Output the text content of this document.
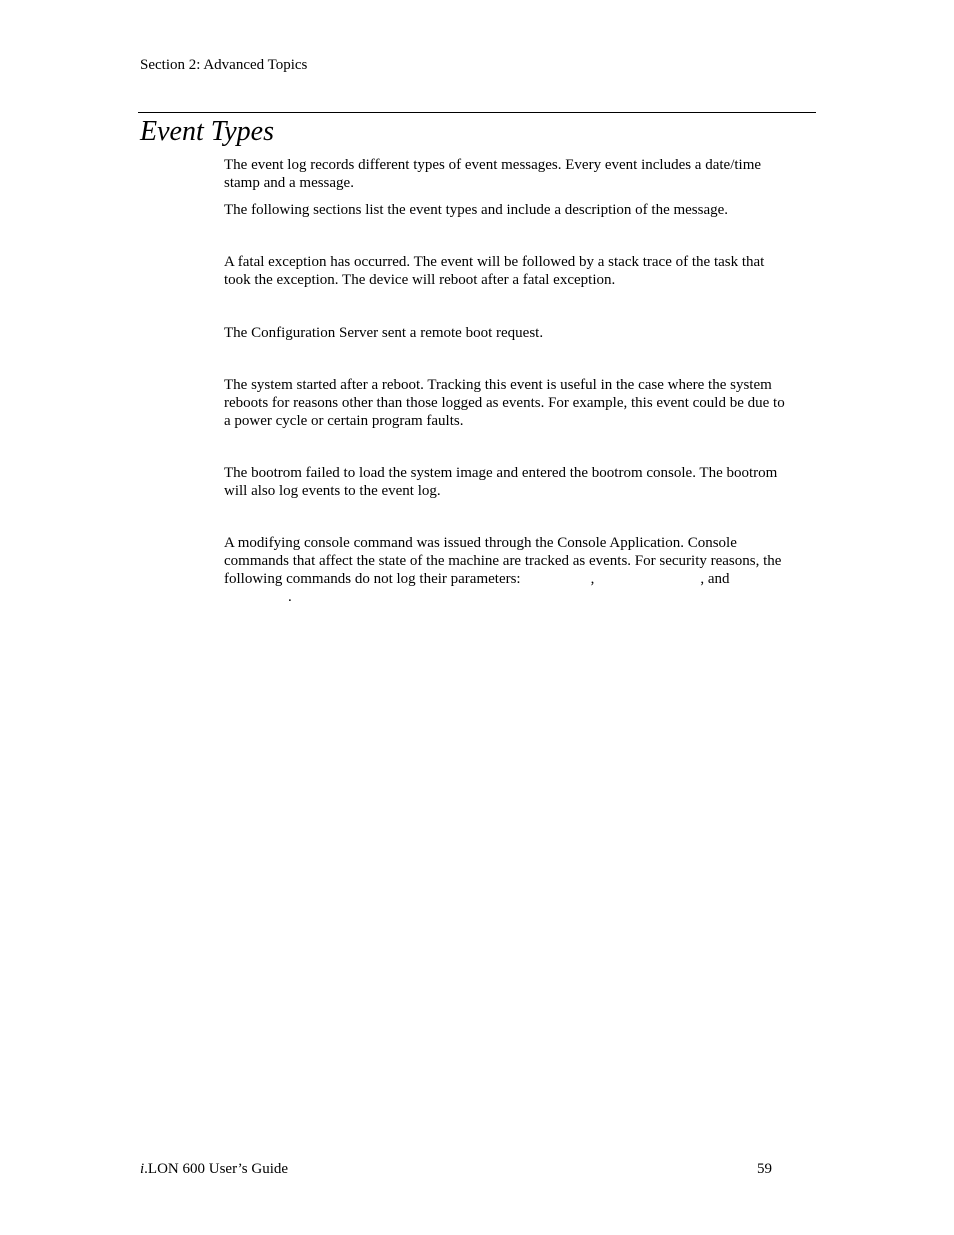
Section 2: Advanced Topics
Event Types
The event log records different types of event messages. Every event includes a date/time stamp and a message.
The following sections list the event types and include a description of the message.
A fatal exception has occurred. The event will be followed by a stack trace of the task that took the exception. The device will reboot after a fatal exception.
The Configuration Server sent a remote boot request.
The system started after a reboot. Tracking this event is useful in the case where the system reboots for reasons other than those logged as events. For example, this event could be due to a power cycle or certain program faults.
The bootrom failed to load the system image and entered the bootrom console. The bootrom will also log events to the event log.
A modifying console command was issued through the Console Application. Console commands that affect the state of the machine are tracked as events. For security reasons, the following commands do not log their parameters:	,	, and
.
i.LON 600 User’s Guide	59
